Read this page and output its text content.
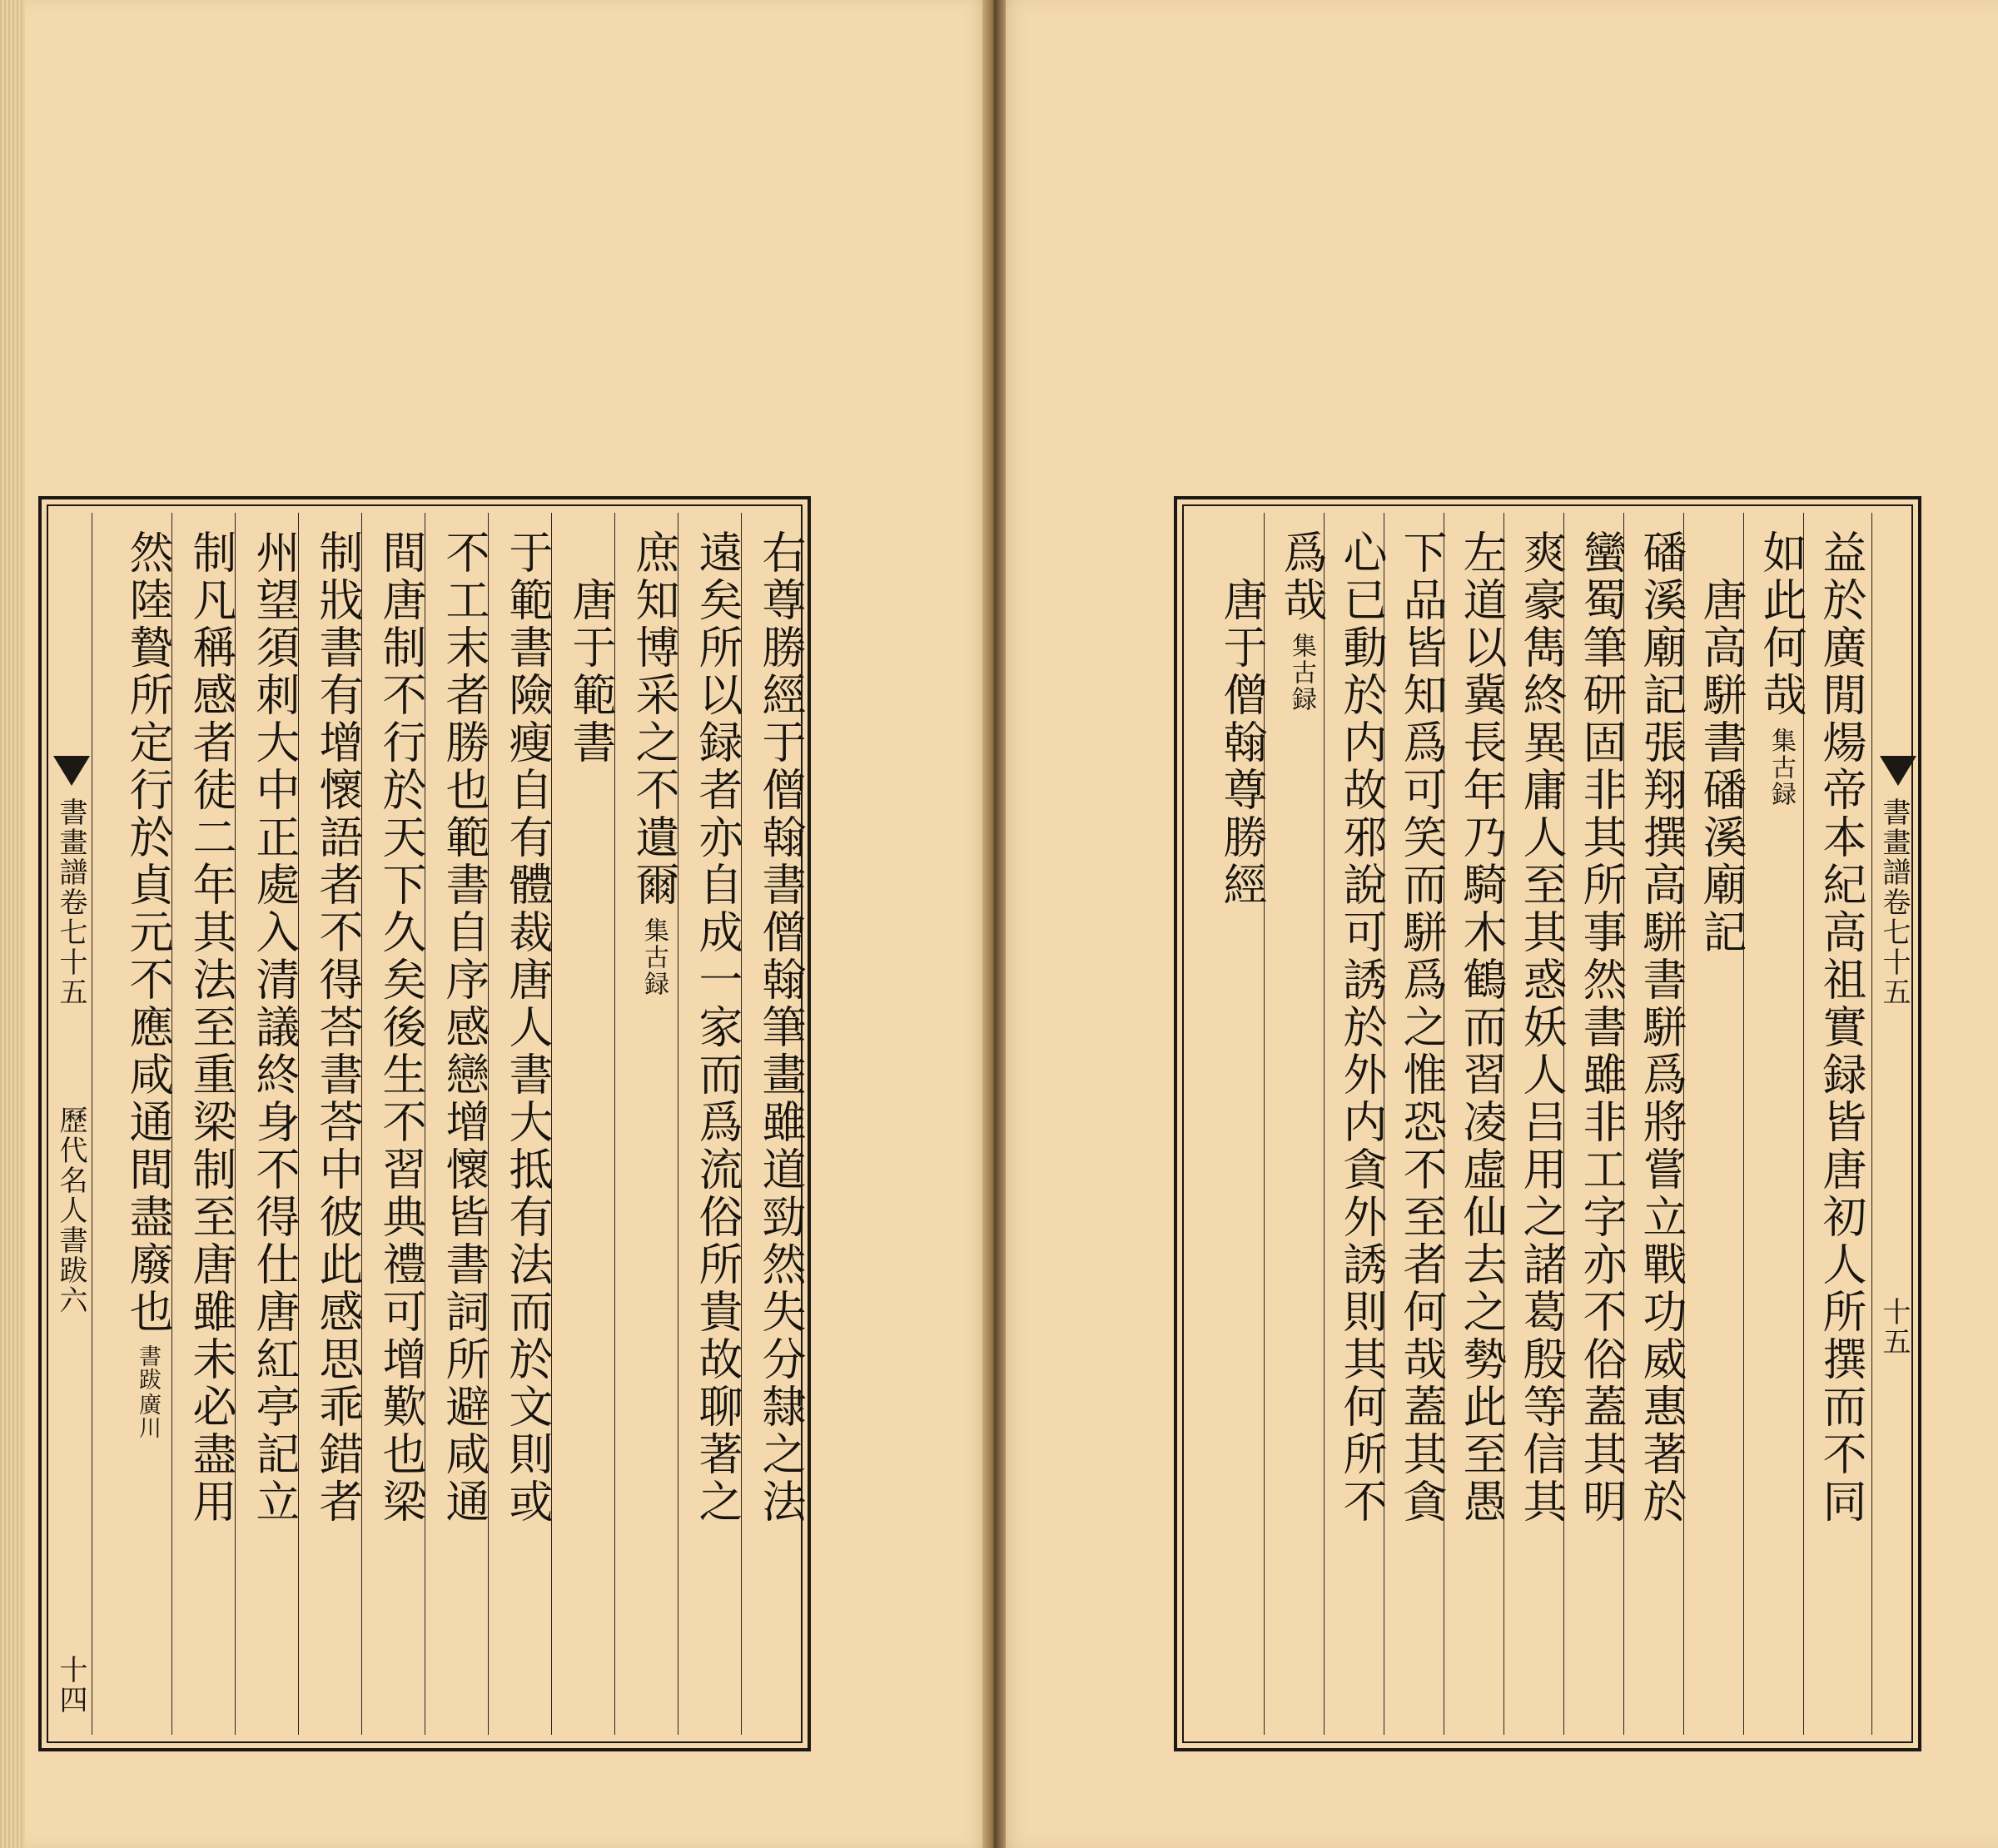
書畫譜卷七十五
歷代名人書跋六
十四
右尊勝經于僧翰書僧翰筆畫雖道勁然失分隸之法
遠矣所以録者亦自成一家而爲流俗所貴故聊著之
庶知博采之不遺爾集古録
　唐于範書
于範書險瘦自有體裁唐人書大抵有法而於文則或
不工末者勝也範書自序感戀增懷皆書詞所避咸通
間唐制不行於天下久矣後生不習典禮可增歎也梁
制戕書有增懷語者不得荅書荅中彼此感思乖錯者
州望須刺大中正處入清議終身不得仕唐紅亭記立
制凡稱感者徒二年其法至重梁制至唐雖未必盡用
然陸贄所定行於貞元不應咸通間盡廢也
廣川
書跋	益於廣閒煬帝本紀高祖實録皆唐初人所撰而不同
如此何哉集古録
　唐高駢書磻溪廟記
磻溪廟記張翔撰高駢書駢爲將嘗立戰功威惠著於
蠻蜀筆研固非其所事然書雖非工字亦不俗蓋其明
爽豪雋終異庸人至其惑妖人吕用之諸葛殷等信其
左道以冀長年乃騎木鶴而習凌虛仙去之勢此至愚
下品皆知爲可笑而駢爲之惟恐不至者何哉蓋其貪
心已動於内故邪說可誘於外内貪外誘則其何所不
爲哉集古録
　唐于僧翰尊勝經	書畫譜卷七十五
十五
